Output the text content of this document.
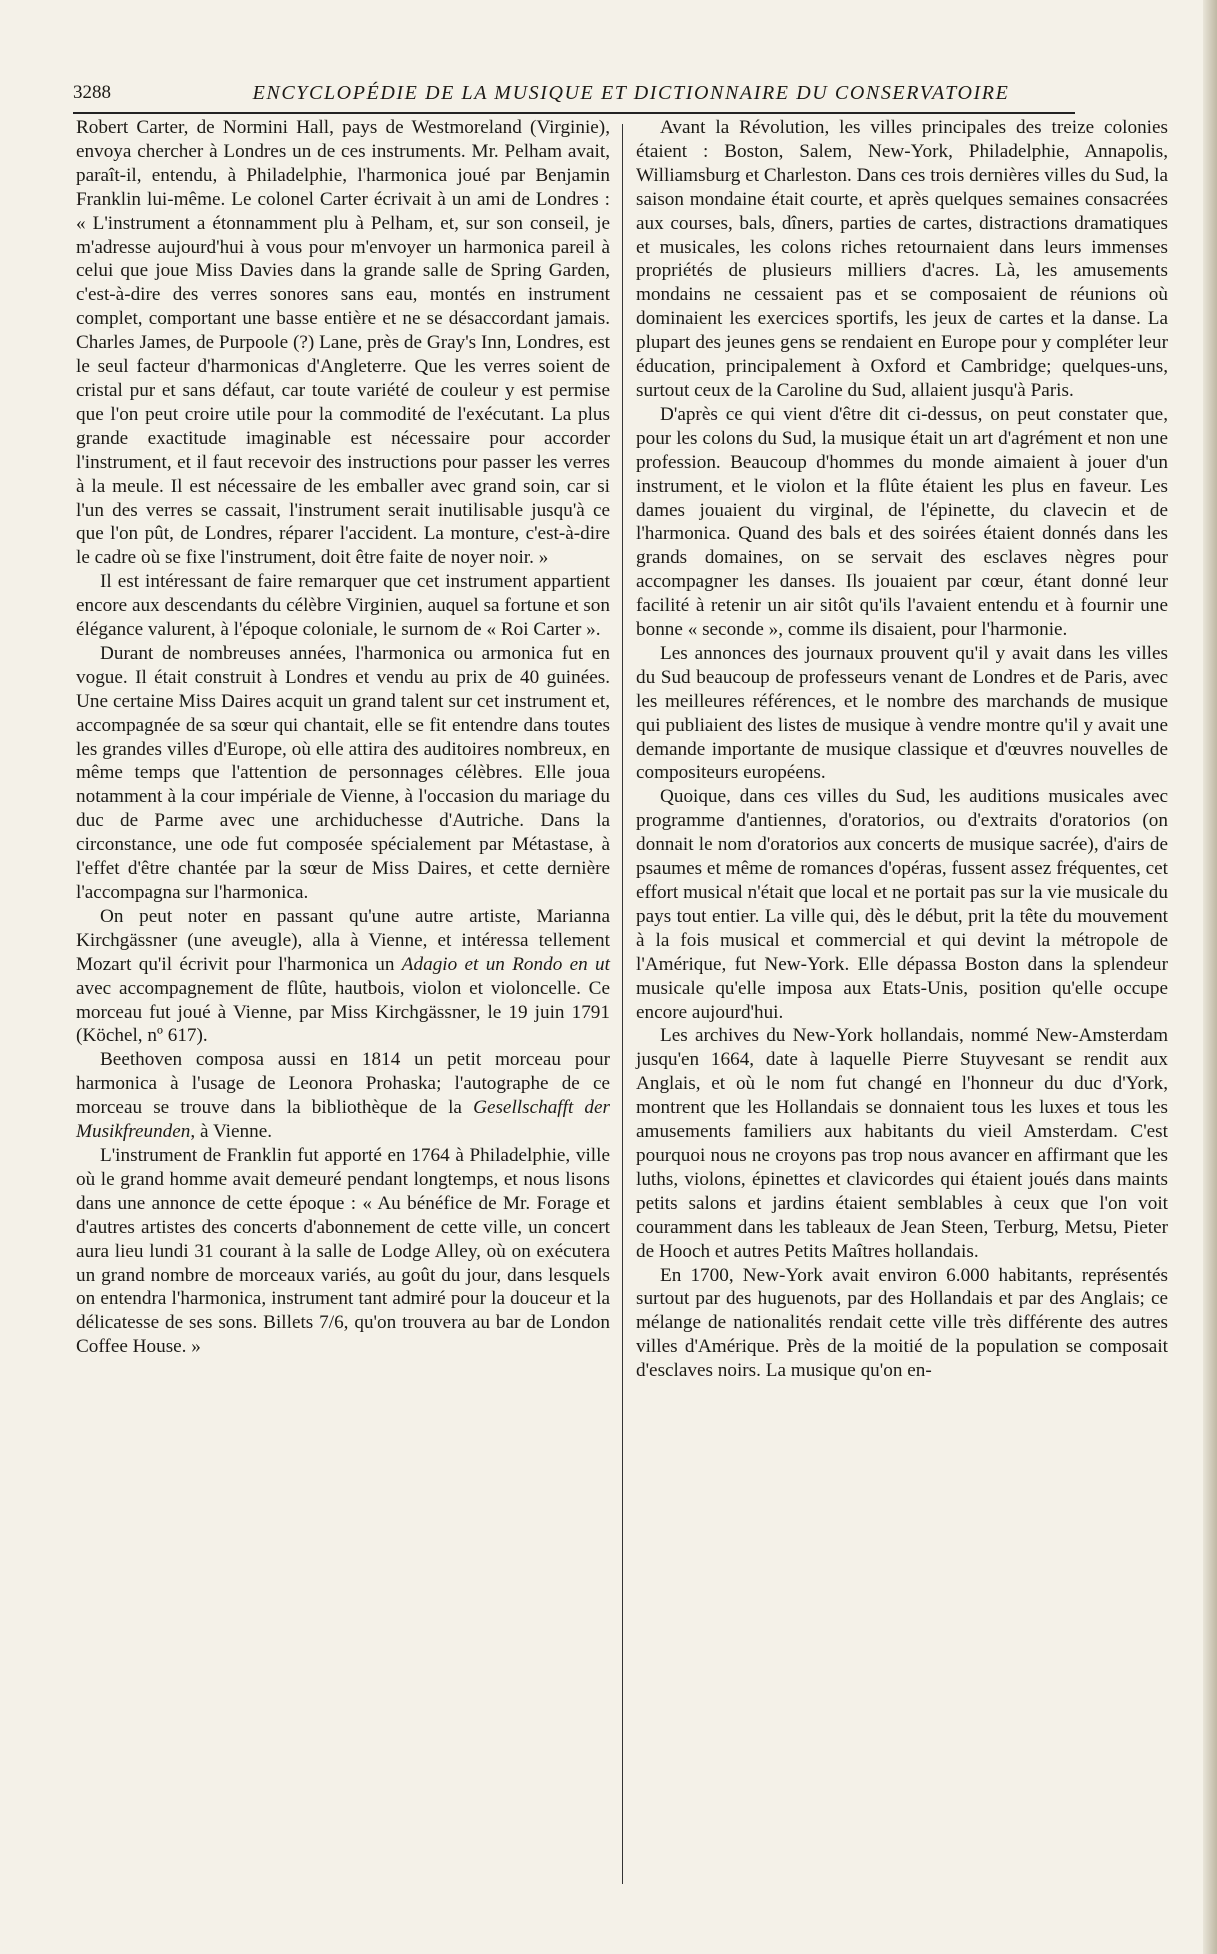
3288	ENCYCLOPÉDIE DE LA MUSIQUE ET DICTIONNAIRE DU CONSERVATOIRE

Robert Carter, de Normini Hall, pays de Westmoreland (Virginie), envoya chercher à Londres un de ces instruments. Mr. Pelham avait, paraît-il, entendu, à Philadelphie, l'harmonica joué par Benjamin Franklin lui-même. Le colonel Carter écrivait à un ami de Londres : « L'instrument a étonnamment plu à Pelham, et, sur son conseil, je m'adresse aujourd'hui à vous pour m'envoyer un harmonica pareil à celui que joue Miss Davies dans la grande salle de Spring Garden, c'est-à-dire des verres sonores sans eau, montés en instrument complet, comportant une basse entière et ne se désaccordant jamais. Charles James, de Purpoole (?) Lane, près de Gray's Inn, Londres, est le seul facteur d'harmonicas d'Angleterre. Que les verres soient de cristal pur et sans défaut, car toute variété de couleur y est permise que l'on peut croire utile pour la commodité de l'exécutant. La plus grande exactitude imaginable est nécessaire pour accorder l'instrument, et il faut recevoir des instructions pour passer les verres à la meule. Il est nécessaire de les emballer avec grand soin, car si l'un des verres se cassait, l'instrument serait inutilisable jusqu'à ce que l'on pût, de Londres, réparer l'accident. La monture, c'est-à-dire le cadre où se fixe l'instrument, doit être faite de noyer noir. »

Il est intéressant de faire remarquer que cet instrument appartient encore aux descendants du célèbre Virginien, auquel sa fortune et son élégance valurent, à l'époque coloniale, le surnom de « Roi Carter ».

Durant de nombreuses années, l'harmonica ou armonica fut en vogue. Il était construit à Londres et vendu au prix de 40 guinées. Une certaine Miss Daires acquit un grand talent sur cet instrument et, accompagnée de sa sœur qui chantait, elle se fit entendre dans toutes les grandes villes d'Europe, où elle attira des auditoires nombreux, en même temps que l'attention de personnages célèbres. Elle joua notamment à la cour impériale de Vienne, à l'occasion du mariage du duc de Parme avec une archiduchesse d'Autriche. Dans la circonstance, une ode fut composée spécialement par Métastase, à l'effet d'être chantée par la sœur de Miss Daires, et cette dernière l'accompagna sur l'harmonica.

On peut noter en passant qu'une autre artiste, Marianna Kirchgässner (une aveugle), alla à Vienne, et intéressa tellement Mozart qu'il écrivit pour l'harmonica un Adagio et un Rondo en ut avec accompagnement de flûte, hautbois, violon et violoncelle. Ce morceau fut joué à Vienne, par Miss Kirchgässner, le 19 juin 1791 (Köchel, nº 617).

Beethoven composa aussi en 1814 un petit morceau pour harmonica à l'usage de Leonora Prohaska; l'autographe de ce morceau se trouve dans la bibliothèque de la Gesellschafft der Musikfreunden, à Vienne.

L'instrument de Franklin fut apporté en 1764 à Philadelphie, ville où le grand homme avait demeuré pendant longtemps, et nous lisons dans une annonce de cette époque : « Au bénéfice de Mr. Forage et d'autres artistes des concerts d'abonnement de cette ville, un concert aura lieu lundi 31 courant à la salle de Lodge Alley, où on exécutera un grand nombre de morceaux variés, au goût du jour, dans lesquels on entendra l'harmonica, instrument tant admiré pour la douceur et la délicatesse de ses sons. Billets 7/6, qu'on trouvera au bar de London Coffee House. »

Avant la Révolution, les villes principales des treize colonies étaient : Boston, Salem, New-York, Philadelphie, Annapolis, Williamsburg et Charleston. Dans ces trois dernières villes du Sud, la saison mondaine était courte, et après quelques semaines consacrées aux courses, bals, dîners, parties de cartes, distractions dramatiques et musicales, les colons riches retournaient dans leurs immenses propriétés de plusieurs milliers d'acres. Là, les amusements mondains ne cessaient pas et se composaient de réunions où dominaient les exercices sportifs, les jeux de cartes et la danse. La plupart des jeunes gens se rendaient en Europe pour y compléter leur éducation, principalement à Oxford et Cambridge; quelques-uns, surtout ceux de la Caroline du Sud, allaient jusqu'à Paris.

D'après ce qui vient d'être dit ci-dessus, on peut constater que, pour les colons du Sud, la musique était un art d'agrément et non une profession. Beaucoup d'hommes du monde aimaient à jouer d'un instrument, et le violon et la flûte étaient les plus en faveur. Les dames jouaient du virginal, de l'épinette, du clavecin et de l'harmonica. Quand des bals et des soirées étaient donnés dans les grands domaines, on se servait des esclaves nègres pour accompagner les danses. Ils jouaient par cœur, étant donné leur facilité à retenir un air sitôt qu'ils l'avaient entendu et à fournir une bonne « seconde », comme ils disaient, pour l'harmonie.

Les annonces des journaux prouvent qu'il y avait dans les villes du Sud beaucoup de professeurs venant de Londres et de Paris, avec les meilleures références, et le nombre des marchands de musique qui publiaient des listes de musique à vendre montre qu'il y avait une demande importante de musique classique et d'œuvres nouvelles de compositeurs européens.

Quoique, dans ces villes du Sud, les auditions musicales avec programme d'antiennes, d'oratorios, ou d'extraits d'oratorios (on donnait le nom d'oratorios aux concerts de musique sacrée), d'airs de psaumes et même de romances d'opéras, fussent assez fréquentes, cet effort musical n'était que local et ne portait pas sur la vie musicale du pays tout entier. La ville qui, dès le début, prit la tête du mouvement à la fois musical et commercial et qui devint la métropole de l'Amérique, fut New-York. Elle dépassa Boston dans la splendeur musicale qu'elle imposa aux Etats-Unis, position qu'elle occupe encore aujourd'hui.

Les archives du New-York hollandais, nommé New-Amsterdam jusqu'en 1664, date à laquelle Pierre Stuyvesant se rendit aux Anglais, et où le nom fut changé en l'honneur du duc d'York, montrent que les Hollandais se donnaient tous les luxes et tous les amusements familiers aux habitants du vieil Amsterdam. C'est pourquoi nous ne croyons pas trop nous avancer en affirmant que les luths, violons, épinettes et clavicordes qui étaient joués dans maints petits salons et jardins étaient semblables à ceux que l'on voit couramment dans les tableaux de Jean Steen, Terburg, Metsu, Pieter de Hooch et autres Petits Maîtres hollandais.

En 1700, New-York avait environ 6.000 habitants, représentés surtout par des huguenots, par des Hollandais et par des Anglais; ce mélange de nationalités rendait cette ville très différente des autres villes d'Amérique. Près de la moitié de la population se composait d'esclaves noirs. La musique qu'on en-
